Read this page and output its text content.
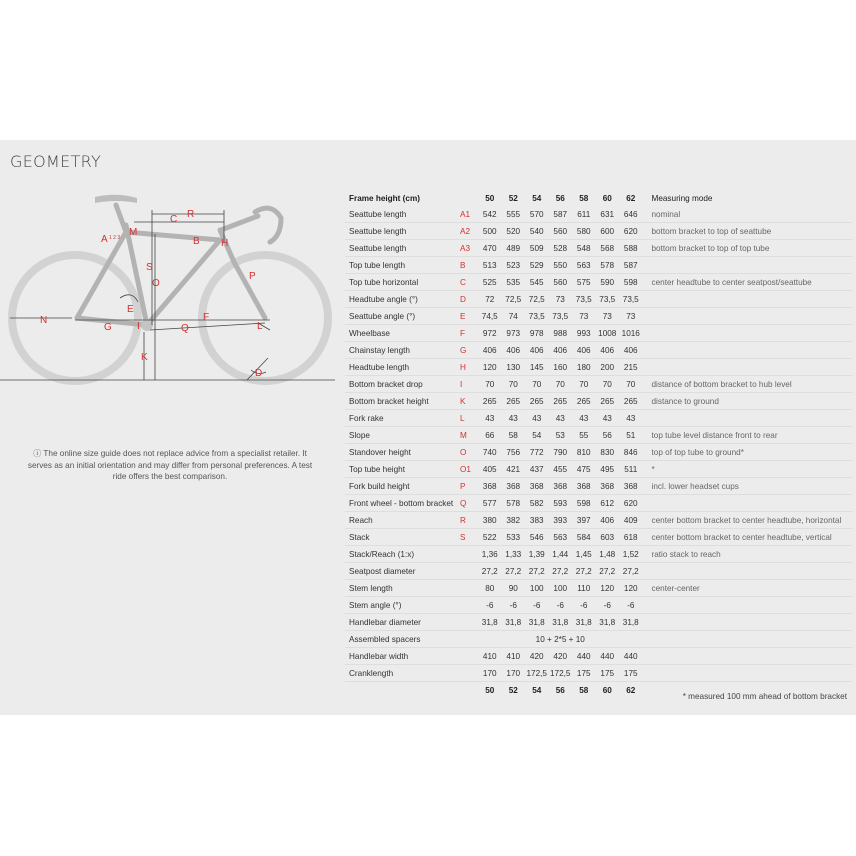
GEOMETRY
A 1 2 3	B
C
D
E
F
G
H
I
K
L
M
N
O
P
Q
R
S
ⓘ The online size guide does not replace advice from a specialist retailer. It serves as an initial orientation and may differ from personal preferences. A test ride offers the best comparison.
Frame height (cm)		50	52	54	56	58	60	62	Measuring mode
Seattube length	A1	542	555	570	587	611	631	646	nominal
Seattube length	A2	500	520	540	560	580	600	620	bottom bracket to top of seattube
Seattube length	A3	470	489	509	528	548	568	588	bottom bracket to top of top tube
Top tube length	B	513	523	529	550	563	578	587	
Top tube horizontal	C	525	535	545	560	575	590	598	center headtube to center seatpost/seattube
Headtube angle (°)	D	72	72,5	72,5	73	73,5	73,5	73,5	
Seattube angle (°)	E	74,5	74	73,5	73,5	73	73	73	
Wheelbase	F	972	973	978	988	993	1008	1016	
Chainstay length	G	406	406	406	406	406	406	406	
Headtube length	H	120	130	145	160	180	200	215	
Bottom bracket drop	I	70	70	70	70	70	70	70	distance of bottom bracket to hub level
Bottom bracket height	K	265	265	265	265	265	265	265	distance to ground
Fork rake	L	43	43	43	43	43	43	43	
Slope	M	66	58	54	53	55	56	51	top tube level distance front to rear
Standover height	O	740	756	772	790	810	830	846	top of top tube to ground*
Top tube height	O1	405	421	437	455	475	495	511	*
Fork build height	P	368	368	368	368	368	368	368	incl. lower headset cups
Front wheel - bottom bracket	Q	577	578	582	593	598	612	620	
Reach	R	380	382	383	393	397	406	409	center bottom bracket to center headtube, horizontal
Stack	S	522	533	546	563	584	603	618	center bottom bracket to center headtube, vertical
Stack/Reach (1:x)		1,36	1,33	1,39	1,44	1,45	1,48	1,52	ratio stack to reach
Seatpost diameter		27,2	27,2	27,2	27,2	27,2	27,2	27,2	
Stem length		80	90	100	100	110	120	120	center-center
Stem angle (°)		-6	-6	-6	-6	-6	-6	-6	
Handlebar diameter		31,8	31,8	31,8	31,8	31,8	31,8	31,8	
Assembled spacers		10 + 2*5 + 10							
Handlebar width		410	410	420	420	440	440	440	
Cranklength		170	170	172,5	172,5	175	175	175	
		50	52	54	56	58	60	62	
* measured 100 mm ahead of bottom bracket
